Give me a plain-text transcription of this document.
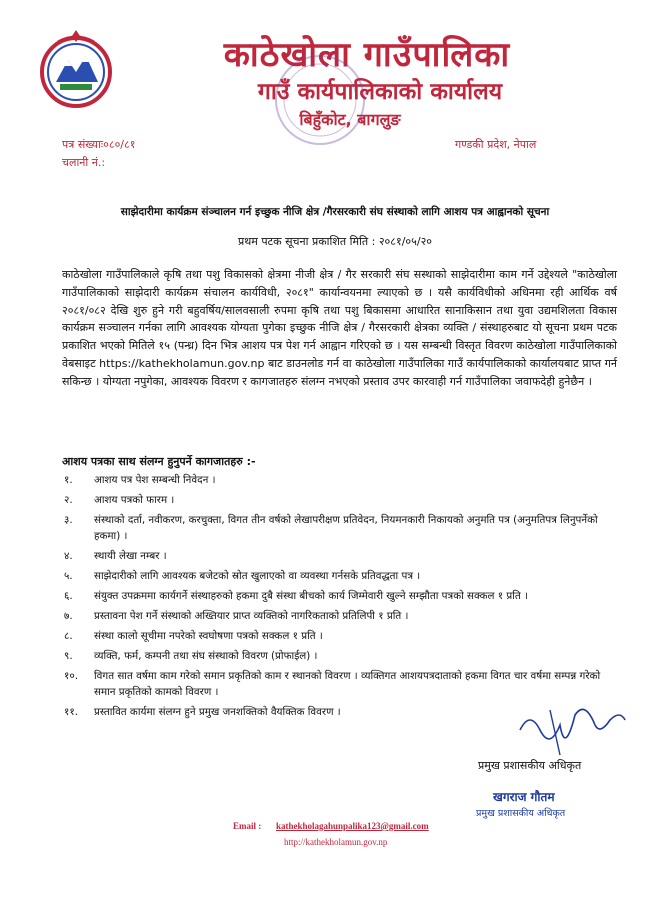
काठेखोला गाउँपालिका
गाउँ कार्यपालिकाको कार्यालय
बिहुँकोट, बागलुङ
पत्र संख्याः०८०/८१
चलानी नं.:
गण्डकी प्रदेश, नेपाल
साझेदारीमा कार्यक्रम संञ्चालन गर्न इच्छुक नीजि क्षेत्र /गैरसरकारी संघ संस्थाको लागि आशय पत्र आह्वानको सूचना
प्रथम पटक सूचना प्रकाशित मिति : २०८१/०५/२०
काठेखोला गाउँपालिकाले कृषि तथा पशु विकासको क्षेत्रमा नीजी क्षेत्र / गैर सरकारी संघ सस्थाको साझेदारीमा काम गर्ने उद्देश्यले "काठेखोला गाउँपालिकाको साझेदारी कार्यक्रम संचालन कार्यविधी, २०८१" कार्यान्वयनमा ल्याएको छ । यसै कार्यविधीको अधिनमा रही आर्थिक वर्ष २०८१/०८२ देखि शुरु हुने गरी बहुवर्षिय/सालवसाली रुपमा कृषि तथा पशु बिकासमा आधारित सानाकिसान तथा युवा उद्यमशिलता विकास कार्यक्रम सञ्चालन गर्नका लागि आवश्यक योग्यता पुगेका इच्छुक नीजि क्षेत्र / गैरसरकारी क्षेत्रका व्यक्ति / संस्थाहरुबाट यो सूचना प्रथम पटक प्रकाशित भएको मितिले १५ (पन्ध्र) दिन भित्र आशय पत्र पेश गर्न आह्वान गरिएको छ । यस सम्बन्धी विस्तृत विवरण काठेखोला गाउँपालिकाको वेबसाइट https://kathekholamun.gov.np बाट डाउनलोड गर्न वा काठेखोला गाउँपालिका गाउँ कार्यपालिकाको कार्यालयबाट प्राप्त गर्न सकिन्छ । योग्यता नपुगेका, आवश्यक विवरण र कागजातहरु संलग्न नभएको प्रस्ताव उपर कारवाही गर्न गाउँपालिका जवाफदेही हुनेछैन ।
आशय पत्रका साथ संलग्न हुनुपर्ने कागजातहरु :-
१.	आशय पत्र पेश सम्बन्धी निवेदन ।
२.	आशय पत्रको फारम ।
३.	संस्थाको दर्ता, नवीकरण, करचुक्ता, विगत तीन वर्षको लेखापरीक्षण प्रतिवेदन, नियमनकारी निकायको अनुमति पत्र (अनुमतिपत्र लिनुपर्नेको हकमा) ।
४.	स्थायी लेखा नम्बर ।
५.	साझेदारीको लागि आवश्यक बजेटको स्रोत खुलाएको वा व्यवस्था गर्नसके प्रतिवद्धता पत्र ।
६.	संयुक्त उपक्रममा कार्यगर्ने संस्थाहरुको हकमा दुबै संस्था बीचको कार्य जिम्मेवारी खुल्ने सम्झौता पत्रको सक्कल १ प्रति ।
७.	प्रस्तावना पेश गर्ने संस्थाको अख्तियार प्राप्त व्यक्तिको नागरिकताको प्रतिलिपी १ प्रति ।
८.	संस्था कालो सूचीमा नपरेको स्वघोषणा पत्रको सक्कल १ प्रति ।
९.	व्यक्ति, फर्म, कम्पनी तथा संघ संस्थाको विवरण (प्रोफाईल) ।
१०.	विगत सात वर्षमा काम गरेको समान प्रकृतिको काम र स्थानको विवरण । व्यक्तिगत आशयपत्रदाताको हकमा विगत चार वर्षमा सम्पन्न गरेको समान प्रकृतिको कामको विवरण ।
११.	प्रस्तावित कार्यमा संलग्न हुने प्रमुख जनशक्तिको वैयक्तिक विवरण ।
प्रमुख प्रशासकीय अधिकृत
खगराज गौतम
प्रमुख प्रशासकीय अधिकृत
Email : kathekholagahunpalika123@gmail.com
http://kathekholamun.gov.np
